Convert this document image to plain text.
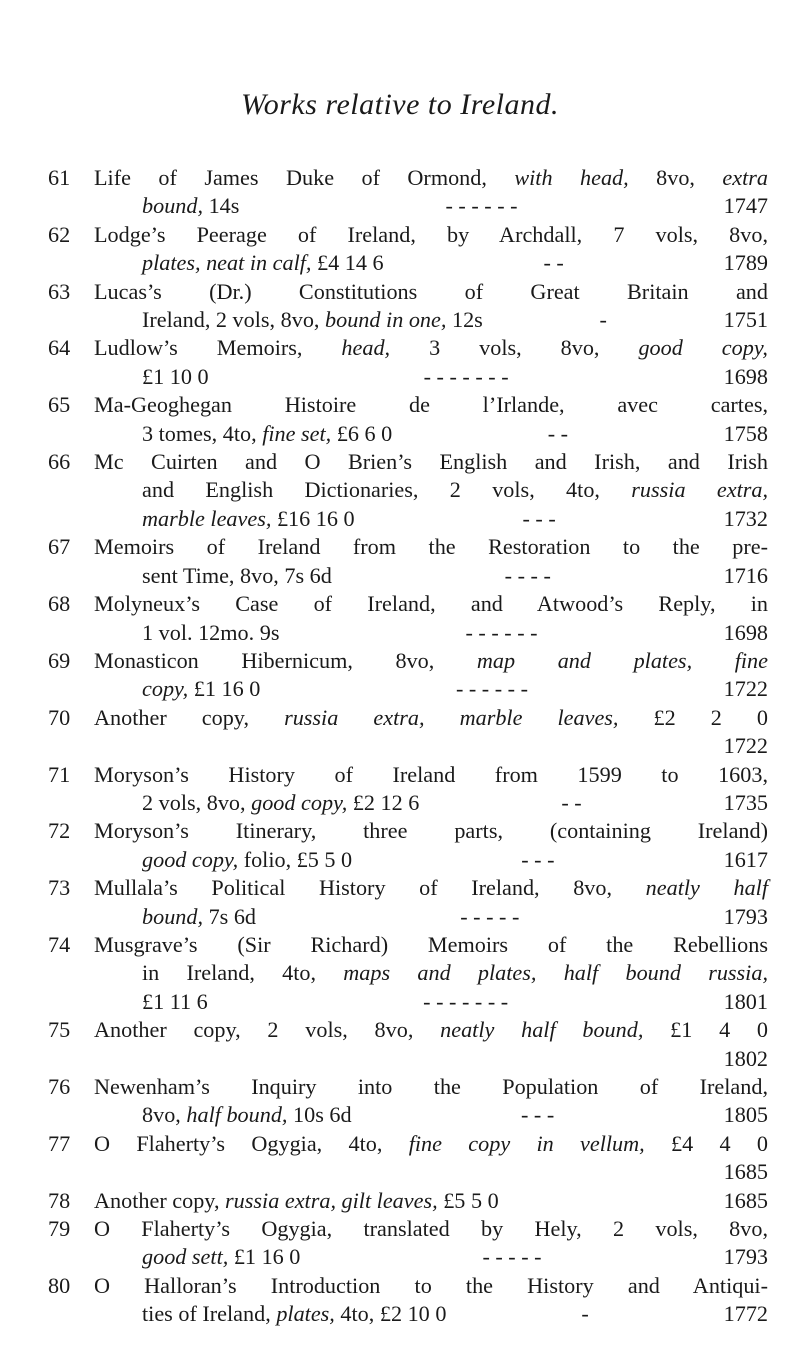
Works relative to Ireland.
61 Life of James Duke of Ormond, with head, 8vo, extra
bound, 14s	- - - - - -	1747
62 Lodge’s Peerage of Ireland, by Archdall, 7 vols, 8vo,
plates, neat in calf, £4 14 6	- -	1789
63 Lucas’s (Dr.) Constitutions of Great Britain and
Ireland, 2 vols, 8vo, bound in one, 12s	-	1751
64 Ludlow’s Memoirs, head, 3 vols, 8vo, good copy,
£1 10 0	- - - - - - -	1698
65 Ma-Geoghegan Histoire de l’Irlande, avec cartes,
3 tomes, 4to, fine set, £6 6 0	- -	1758
66 Mc Cuirten and O Brien’s English and Irish, and Irish
and English Dictionaries, 2 vols, 4to, russia extra,
marble leaves, £16 16 0	- - -	1732
67 Memoirs of Ireland from the Restoration to the pre-
sent Time, 8vo, 7s 6d	- - - -	1716
68 Molyneux’s Case of Ireland, and Atwood’s Reply, in
1 vol. 12mo. 9s	- - - - - -	1698
69 Monasticon Hibernicum, 8vo, map and plates, fine
copy, £1 16 0	- - - - - -	1722
70 Another copy, russia extra, marble leaves, £2 2 0
1722
71 Moryson’s History of Ireland from 1599 to 1603,
2 vols, 8vo, good copy, £2 12 6	- -	1735
72 Moryson’s Itinerary, three parts, (containing Ireland)
good copy, folio, £5 5 0	- - -	1617
73 Mullala’s Political History of Ireland, 8vo, neatly half
bound, 7s 6d	- - - - -	1793
74 Musgrave’s (Sir Richard) Memoirs of the Rebellions
in Ireland, 4to, maps and plates, half bound russia,
£1 11 6	- - - - - - -	1801
75 Another copy, 2 vols, 8vo, neatly half bound, £1 4 0
1802
76 Newenham’s Inquiry into the Population of Ireland,
8vo, half bound, 10s 6d	- - -	1805
77 O Flaherty’s Ogygia, 4to, fine copy in vellum, £4 4 0
1685
78 Another copy, russia extra, gilt leaves, £5 5 0	1685
79 O Flaherty’s Ogygia, translated by Hely, 2 vols, 8vo,
good sett, £1 16 0	- - - - -	1793
80 O Halloran’s Introduction to the History and Antiqui-
ties of Ireland, plates, 4to, £2 10 0	-	1772
